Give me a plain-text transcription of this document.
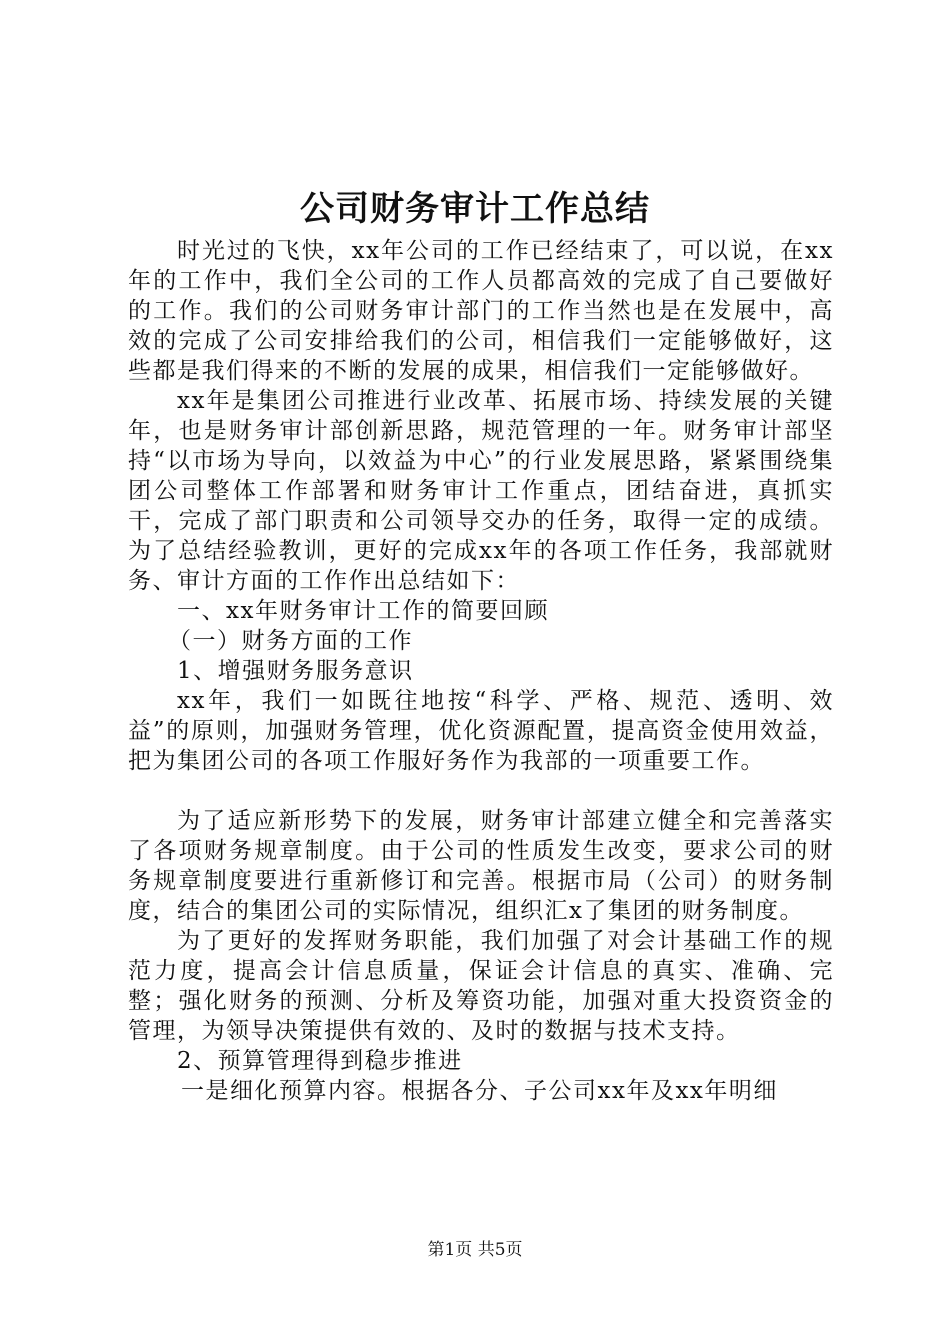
公司财务审计工作总结

时光过的飞快，xx年公司的工作已经结束了，可以说，在xx年的工作中，我们全公司的工作人员都高效的完成了自己要做好的工作。我们的公司财务审计部门的工作当然也是在发展中，高效的完成了公司安排给我们的公司，相信我们一定能够做好，这些都是我们得来的不断的发展的成果，相信我们一定能够做好。

xx年是集团公司推进行业改革、拓展市场、持续发展的关键年，也是财务审计部创新思路，规范管理的一年。财务审计部坚持“以市场为导向，以效益为中心”的行业发展思路，紧紧围绕集团公司整体工作部署和财务审计工作重点，团结奋进，真抓实干，完成了部门职责和公司领导交办的任务，取得一定的成绩。为了总结经验教训，更好的完成xx年的各项工作任务，我部就财务、审计方面的工作作出总结如下：

一、xx年财务审计工作的简要回顾

（一）财务方面的工作

1、增强财务服务意识

xx年，我们一如既往地按“科学、严格、规范、透明、效益”的原则，加强财务管理，优化资源配置，提高资金使用效益，把为集团公司的各项工作服好务作为我部的一项重要工作。

为了适应新形势下的发展，财务审计部建立健全和完善落实了各项财务规章制度。由于公司的性质发生改变，要求公司的财务规章制度要进行重新修订和完善。根据市局（公司）的财务制度，结合的集团公司的实际情况，组织汇x了集团的财务制度。

为了更好的发挥财务职能，我们加强了对会计基础工作的规范力度，提高会计信息质量，保证会计信息的真实、准确、完整；强化财务的预测、分析及筹资功能，加强对重大投资资金的管理，为领导决策提供有效的、及时的数据与技术支持。

2、预算管理得到稳步推进

一是细化预算内容。根据各分、子公司xx年及xx年明细

第1页 共5页
